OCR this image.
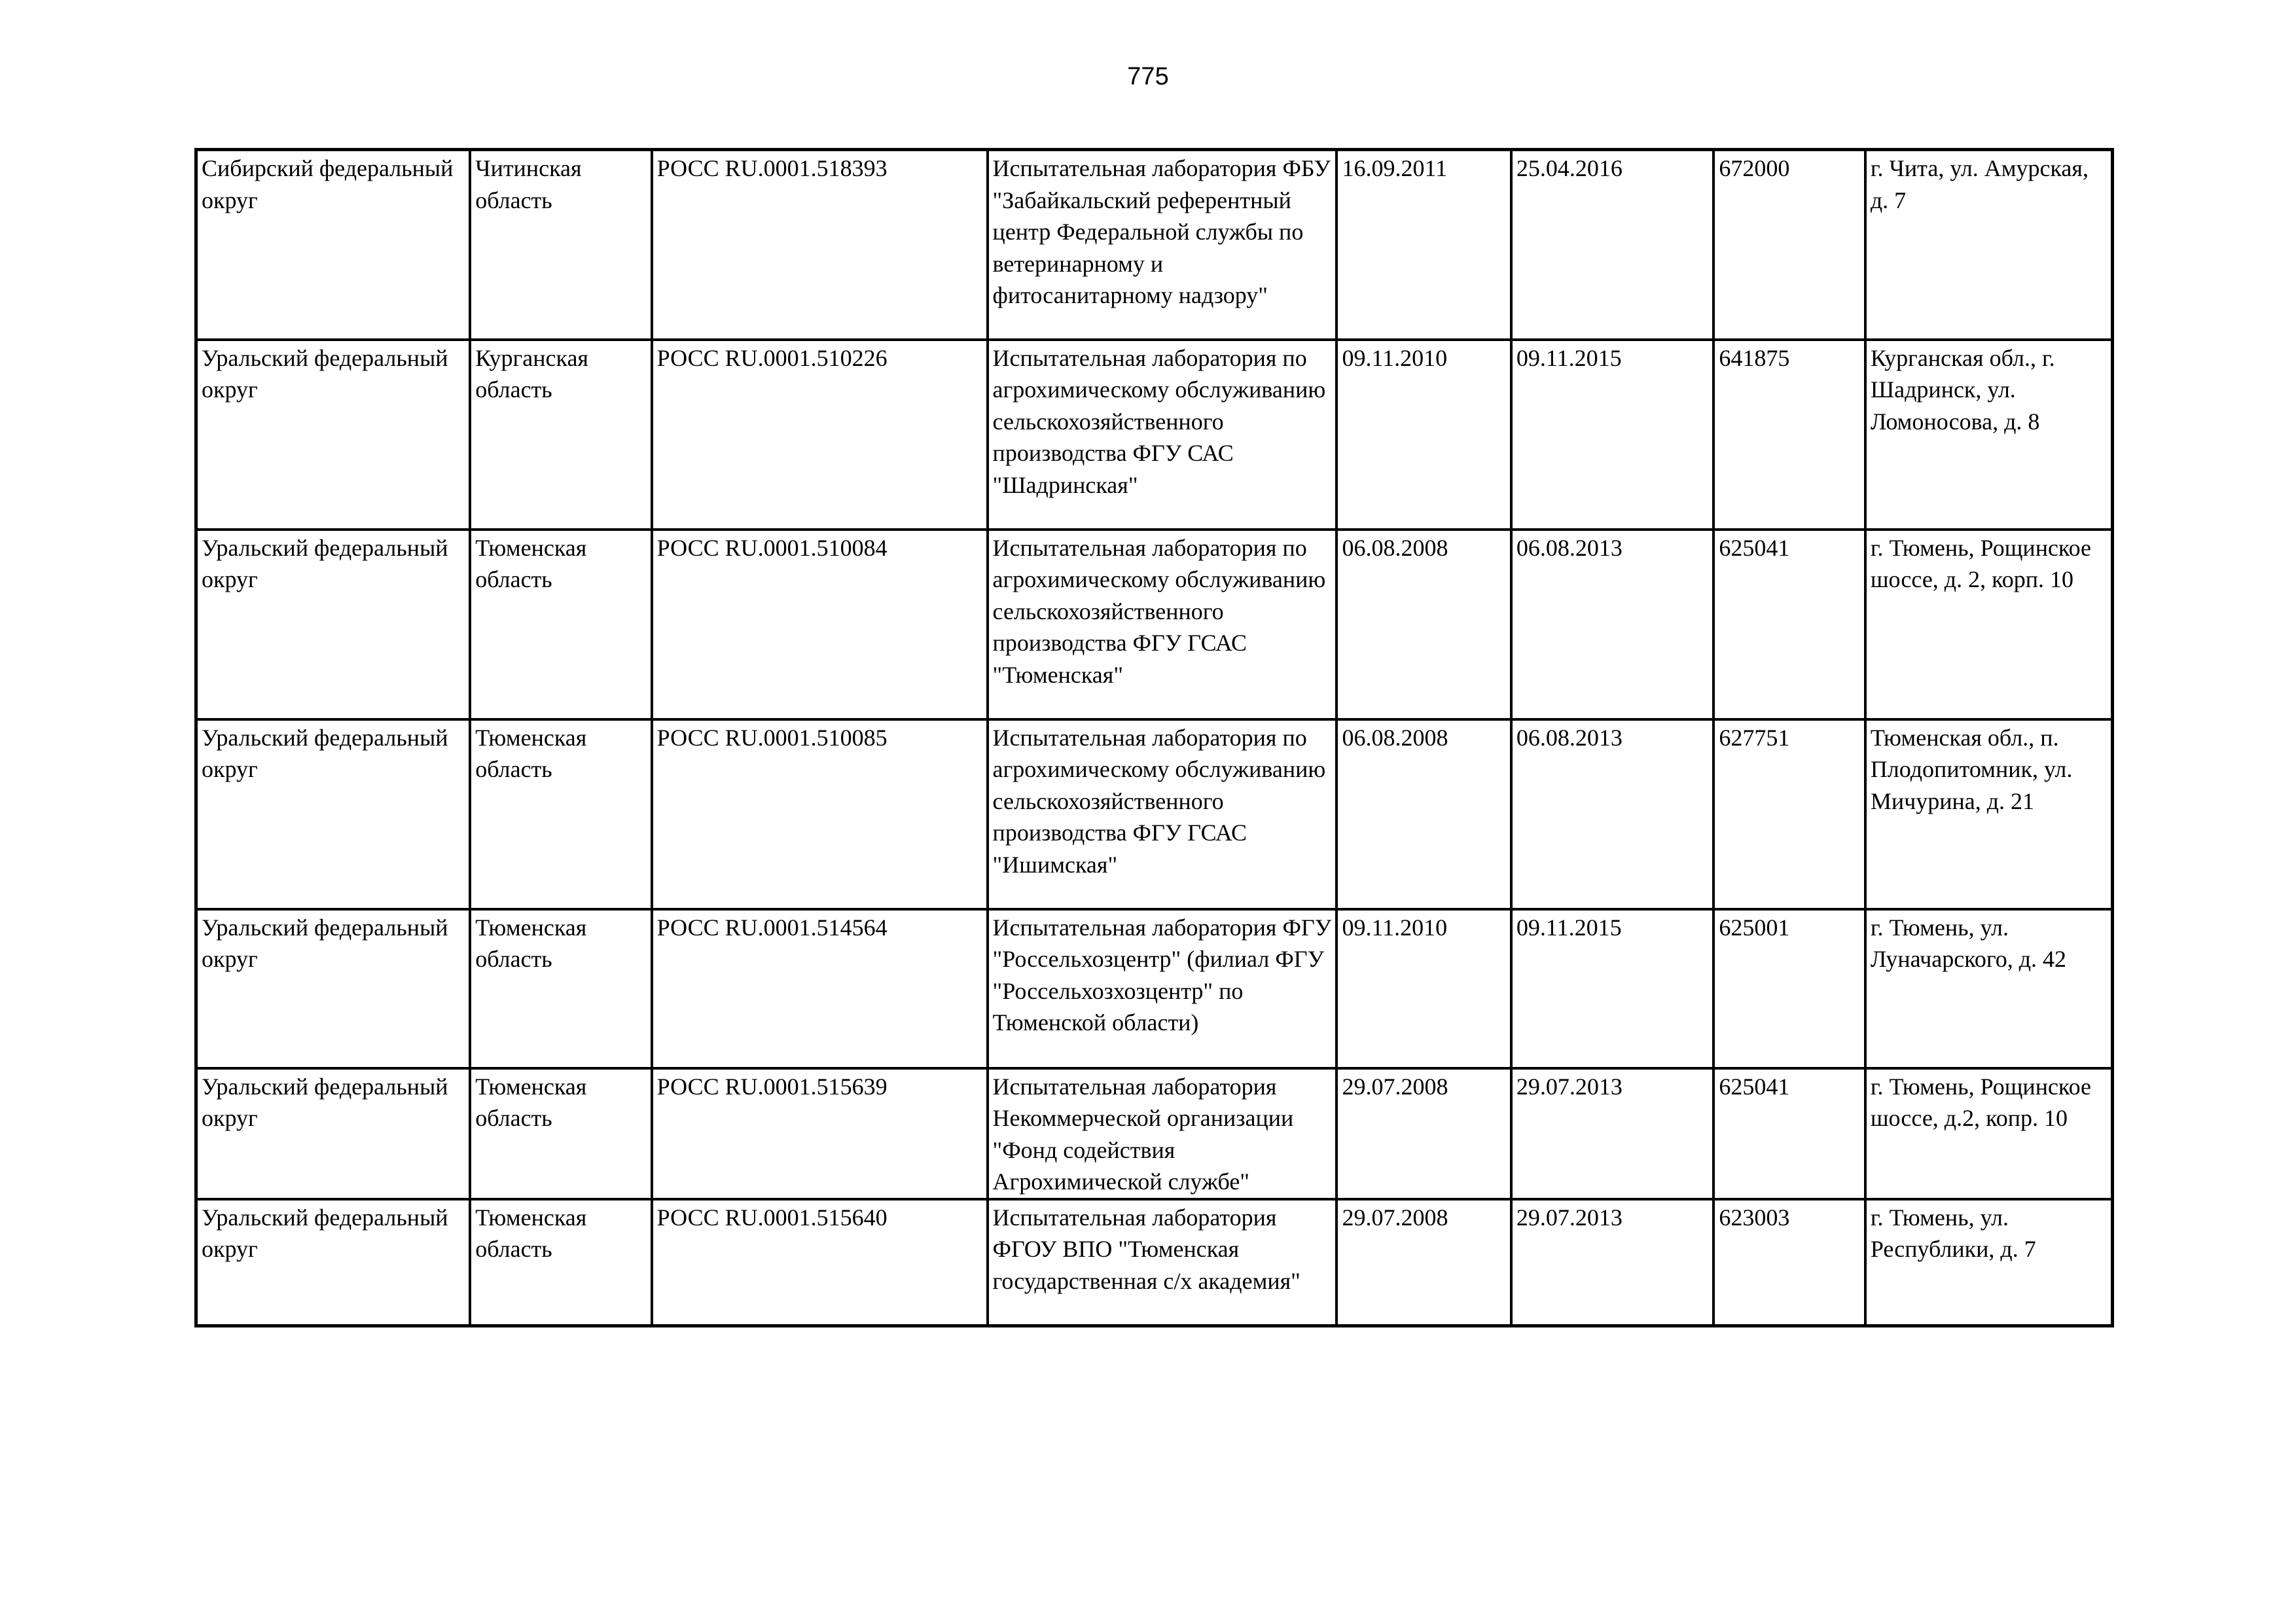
775
Сибирский федеральный округ	Читинская область	РОСС RU.0001.518393	Испытательная лаборатория ФБУ "Забайкальский референтный центр Федеральной службы по ветеринарному и фитосанитарному надзору"	16.09.2011	25.04.2016	672000	г. Чита, ул. Амурская, д. 7
Уральский федеральный округ	Курганская область	РОСС RU.0001.510226	Испытательная лаборатория по агрохимическому обслуживанию сельскохозяйственного производства ФГУ САС "Шадринская"	09.11.2010	09.11.2015	641875	Курганская обл., г. Шадринск, ул. Ломоносова, д. 8
Уральский федеральный округ	Тюменская область	РОСС RU.0001.510084	Испытательная лаборатория по агрохимическому обслуживанию сельскохозяйственного производства ФГУ ГСАС "Тюменская"	06.08.2008	06.08.2013	625041	г. Тюмень, Рощинское шоссе, д. 2, корп. 10
Уральский федеральный округ	Тюменская область	РОСС RU.0001.510085	Испытательная лаборатория по агрохимическому обслуживанию сельскохозяйственного производства ФГУ ГСАС "Ишимская"	06.08.2008	06.08.2013	627751	Тюменская обл., п. Плодопитомник, ул. Мичурина, д. 21
Уральский федеральный округ	Тюменская область	РОСС RU.0001.514564	Испытательная лаборатория ФГУ "Россельхозцентр" (филиал ФГУ "Россельхозхозцентр" по Тюменской области)	09.11.2010	09.11.2015	625001	г. Тюмень, ул. Луначарского, д. 42
Уральский федеральный округ	Тюменская область	РОСС RU.0001.515639	Испытательная лаборатория Некоммерческой организации "Фонд содействия Агрохимической службе"	29.07.2008	29.07.2013	625041	г. Тюмень, Рощинское шоссе, д.2, копр. 10
Уральский федеральный округ	Тюменская область	РОСС RU.0001.515640	Испытательная лаборатория ФГОУ ВПО "Тюменская государственная с/х академия"	29.07.2008	29.07.2013	623003	г. Тюмень, ул. Республики, д. 7
